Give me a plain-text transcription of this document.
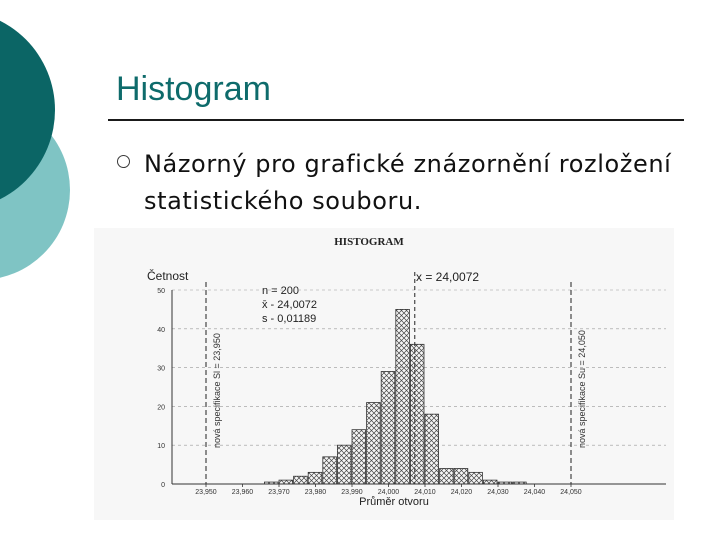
Histogram
Názorný pro grafické znázornění rozložení statistického souboru.
HISTOGRAM
Četnost	x = 24,0072
n = 200
x̄ - 24,0072
s - 0,01189
50
40
30
20
10
0
23,950 23,960 23,970 23,980 23,990 24,000 24,010 24,020 24,030 24,040 24,050
nová specifikace Sl = 23,950	nová specifikace Su = 24,050
Průměr otvoru
